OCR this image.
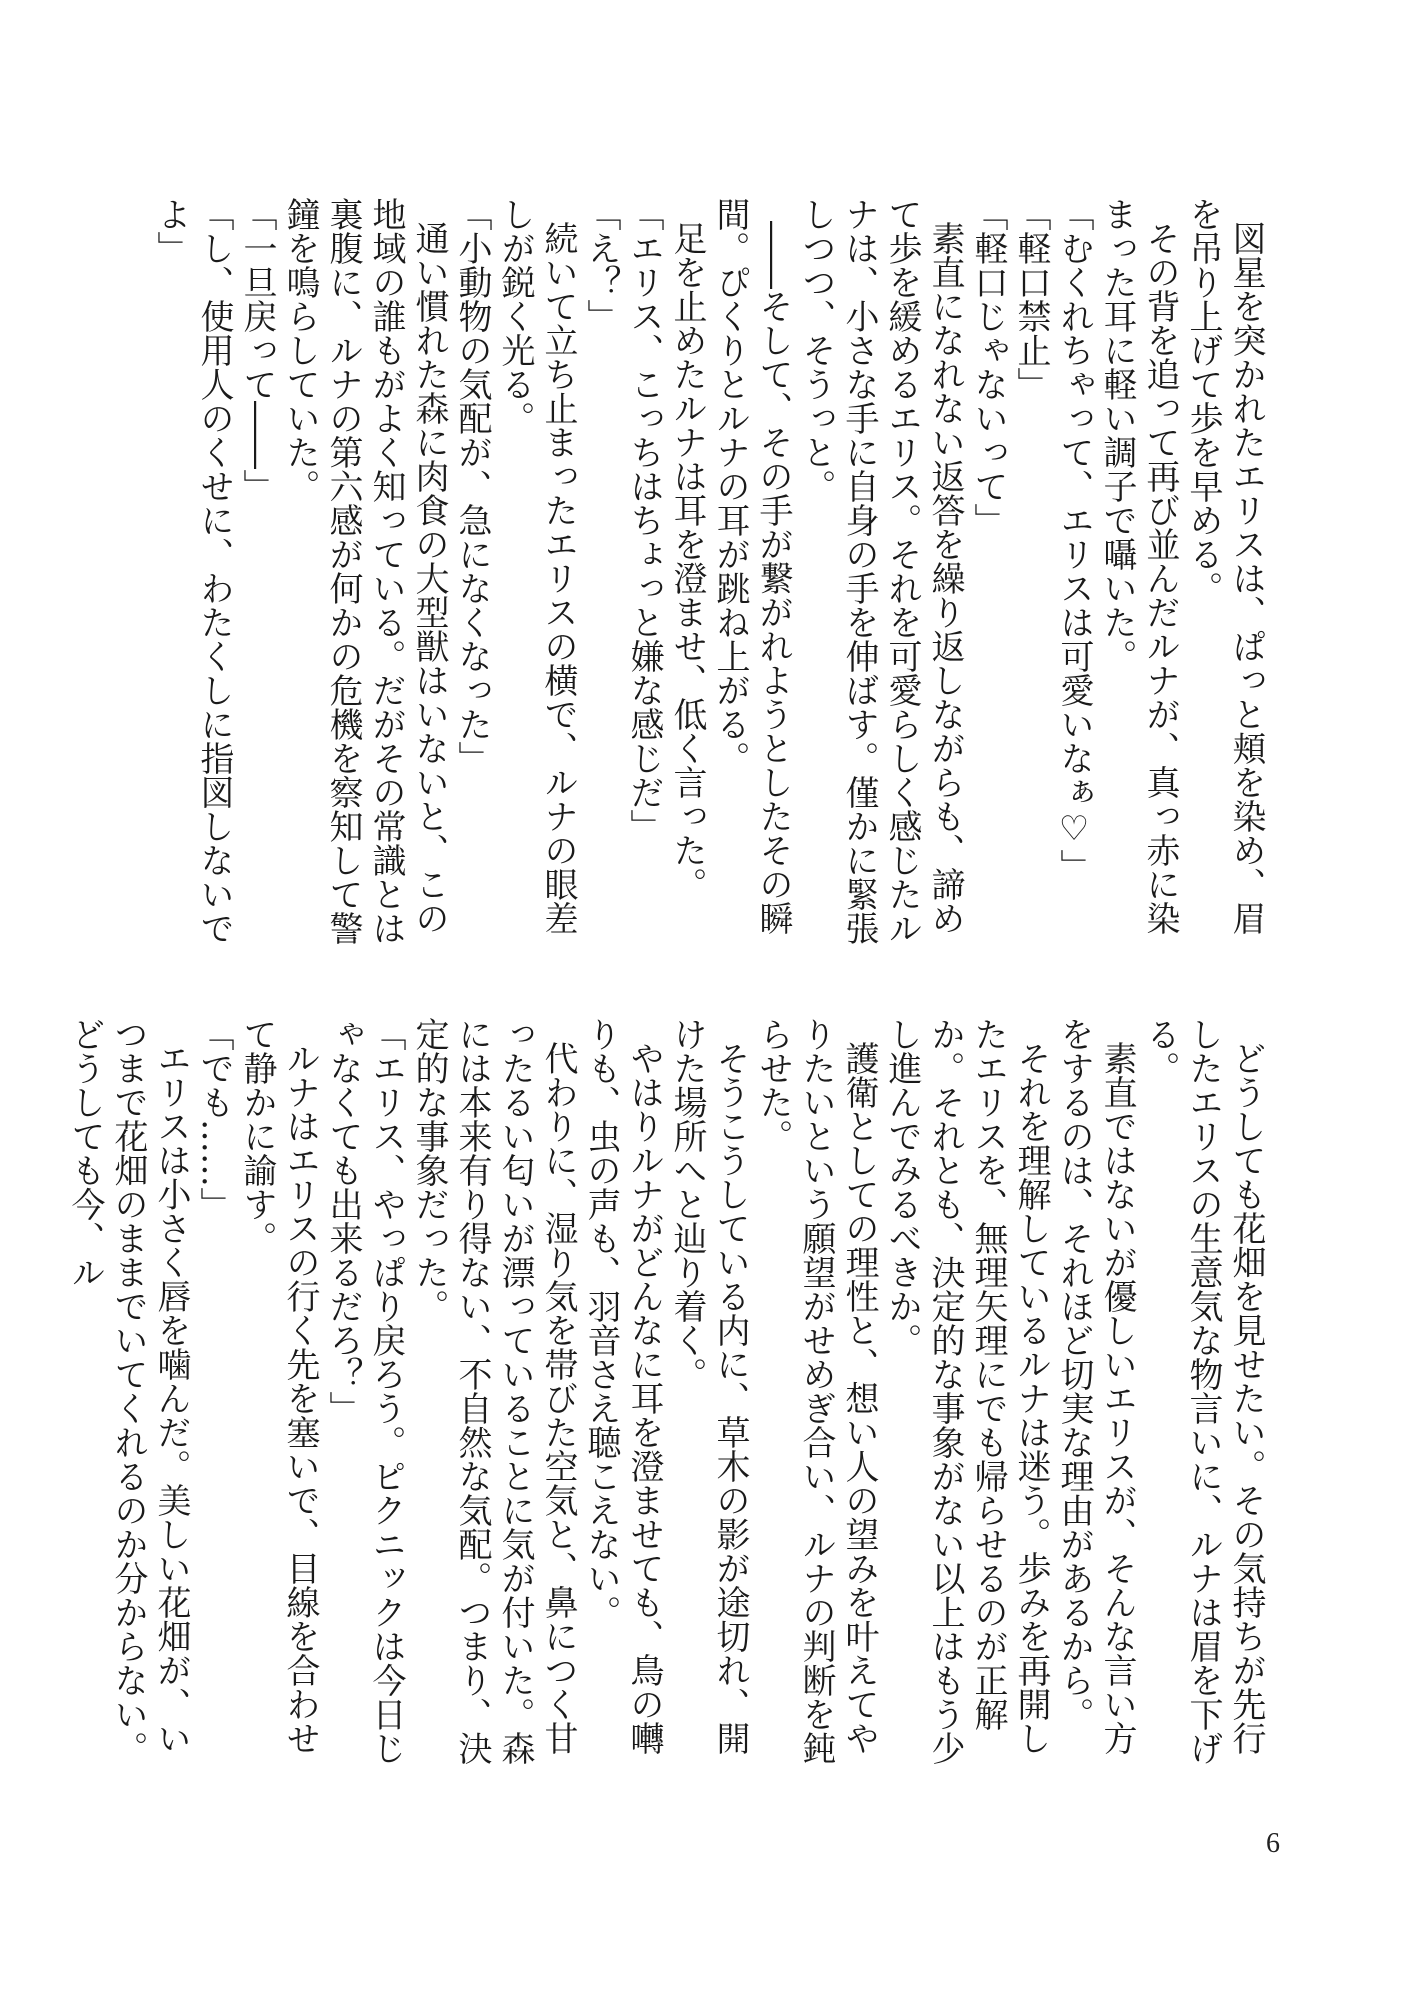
図星を突かれたエリスは、ぱっと頬を染め、眉を吊り上げて歩を早める。

その背を追って再び並んだルナが、真っ赤に染まった耳に軽い調子で囁いた。

「むくれちゃって、エリスは可愛いなぁ♡」

「軽口禁止」

「軽口じゃないって」

素直になれない返答を繰り返しながらも、諦めて歩を緩めるエリス。それを可愛らしく感じたルナは、小さな手に自身の手を伸ばす。僅かに緊張しつつ、そうっと。

――そして、その手が繋がれようとしたその瞬間。ぴくりとルナの耳が跳ね上がる。

足を止めたルナは耳を澄ませ、低く言った。

「エリス、こっちはちょっと嫌な感じだ」

「え？」

続いて立ち止まったエリスの横で、ルナの眼差しが鋭く光る。

「小動物の気配が、急になくなった」

通い慣れた森に肉食の大型獣はいないと、この地域の誰もがよく知っている。だがその常識とは裏腹に、ルナの第六感が何かの危機を察知して警鐘を鳴らしていた。

「一旦戻って――」

「し、使用人のくせに、わたくしに指図しないでよ」

どうしても花畑を見せたい。その気持ちが先行したエリスの生意気な物言いに、ルナは眉を下げる。

素直ではないが優しいエリスが、そんな言い方をするのは、それほど切実な理由があるから。

それを理解しているルナは迷う。歩みを再開したエリスを、無理矢理にでも帰らせるのが正解か。それとも、決定的な事象がない以上はもう少し進んでみるべきか。

護衛としての理性と、想い人の望みを叶えてやりたいという願望がせめぎ合い、ルナの判断を鈍らせた。

そうこうしている内に、草木の影が途切れ、開けた場所へと辿り着く。

やはりルナがどんなに耳を澄ませても、鳥の囀りも、虫の声も、羽音さえ聴こえない。

代わりに、湿り気を帯びた空気と、鼻につく甘ったるい匂いが漂っていることに気が付いた。森には本来有り得ない、不自然な気配。つまり、決定的な事象だった。

「エリス、やっぱり戻ろう。ピクニックは今日じゃなくても出来るだろ？」

ルナはエリスの行く先を塞いで、目線を合わせて静かに諭す。

「でも……」

エリスは小さく唇を噛んだ。美しい花畑が、いつまで花畑のままでいてくれるのか分からない。どうしても今、ル

6
